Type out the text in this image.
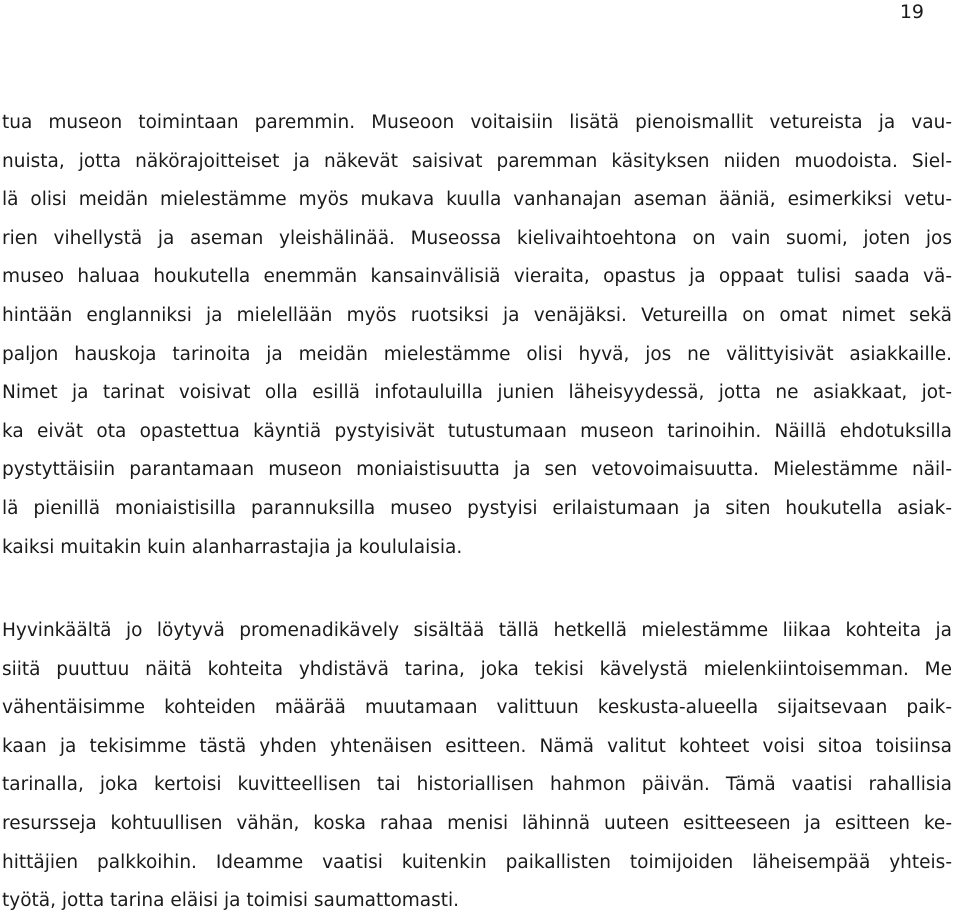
19
tua museon toimintaan paremmin. Museoon voitaisiin lisätä pienoismallit vetureista ja vau-
nuista, jotta näkörajoitteiset ja näkevät saisivat paremman käsityksen niiden muodoista. Siel-
lä olisi meidän mielestämme myös mukava kuulla vanhanajan aseman ääniä, esimerkiksi vetu-
rien vihellystä ja aseman yleishälinää. Museossa kielivaihtoehtona on vain suomi, joten jos
museo haluaa houkutella enemmän kansainvälisiä vieraita, opastus ja oppaat tulisi saada vä-
hintään englanniksi ja mielellään myös ruotsiksi ja venäjäksi. Vetureilla on omat nimet sekä
paljon hauskoja tarinoita ja meidän mielestämme olisi hyvä, jos ne välittyisivät asiakkaille.
Nimet ja tarinat voisivat olla esillä infotauluilla junien läheisyydessä, jotta ne asiakkaat, jot-
ka eivät ota opastettua käyntiä pystyisivät tutustumaan museon tarinoihin. Näillä ehdotuksilla
pystyttäisiin parantamaan museon moniaistisuutta ja sen vetovoimaisuutta. Mielestämme näil-
lä pienillä moniaistisilla parannuksilla museo pystyisi erilaistumaan ja siten houkutella asiak-
kaiksi muitakin kuin alanharrastajia ja koululaisia.
Hyvinkäältä jo löytyvä promenadikävely sisältää tällä hetkellä mielestämme liikaa kohteita ja
siitä puuttuu näitä kohteita yhdistävä tarina, joka tekisi kävelystä mielenkiintoisemman. Me
vähentäisimme kohteiden määrää muutamaan valittuun keskusta-alueella sijaitsevaan paik-
kaan ja tekisimme tästä yhden yhtenäisen esitteen. Nämä valitut kohteet voisi sitoa toisiinsa
tarinalla, joka kertoisi kuvitteellisen tai historiallisen hahmon päivän. Tämä vaatisi rahallisia
resursseja kohtuullisen vähän, koska rahaa menisi lähinnä uuteen esitteeseen ja esitteen ke-
hittäjien palkkoihin. Ideamme vaatisi kuitenkin paikallisten toimijoiden läheisempää yhteis-
työtä, jotta tarina eläisi ja toimisi saumattomasti.
